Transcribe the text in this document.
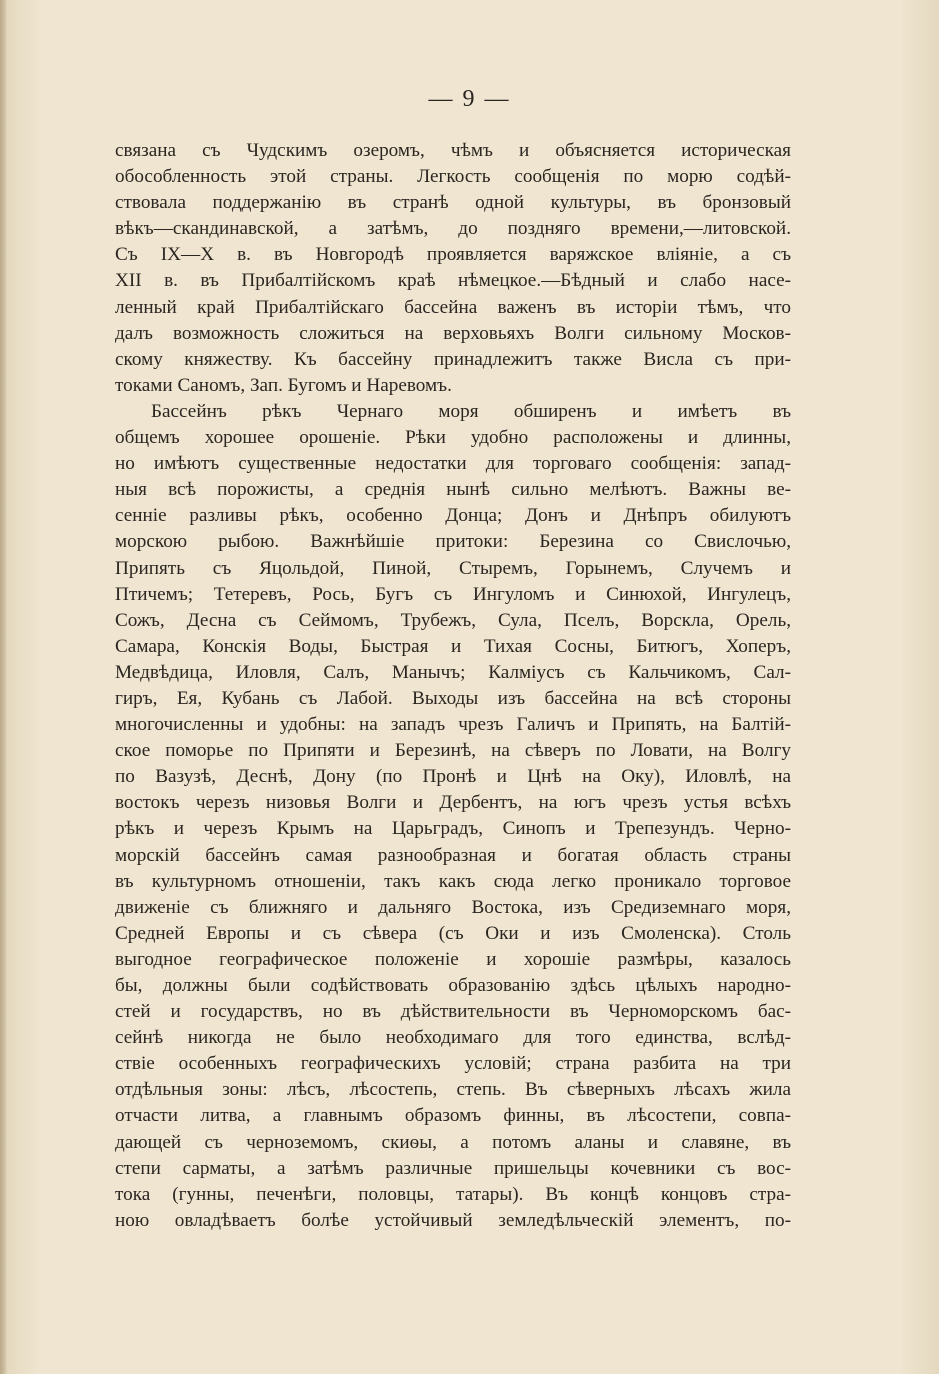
— 9 —
связана съ Чудскимъ озеромъ, чѣмъ и объясняется историческая
обособленность этой страны. Легкость сообщенія по морю содѣй-
ствовала поддержанію въ странѣ одной культуры, въ бронзовый
вѣкъ—скандинавской, а затѣмъ, до поздняго времени,—литовской.
Съ IX—X в. въ Новгородѣ проявляется варяжское вліяніе, а съ
XII в. въ Прибалтійскомъ краѣ нѣмецкое.—Бѣдный и слабо насе-
ленный край Прибалтійскаго бассейна важенъ въ исторіи тѣмъ, что
далъ возможность сложиться на верховьяхъ Волги сильному Москов-
скому княжеству. Къ бассейну принадлежитъ также Висла съ при-
токами Саномъ, Зап. Бугомъ и Наревомъ.
Бассейнъ рѣкъ Чернаго моря обширенъ и имѣетъ въ
общемъ хорошее орошеніе. Рѣки удобно расположены и длинны,
но имѣютъ существенные недостатки для торговаго сообщенія: запад-
ныя всѣ порожисты, а среднія нынѣ сильно мелѣютъ. Важны ве-
сенніе разливы рѣкъ, особенно Донца; Донъ и Днѣпръ обилуютъ
морскою рыбою. Важнѣйшіе притоки: Березина со Свислочью,
Припять съ Яцольдой, Пиной, Стыремъ, Горынемъ, Случемъ и
Птичемъ; Тетеревъ, Рось, Бугъ съ Ингуломъ и Синюхой, Ингулецъ,
Сожъ, Десна съ Сеймомъ, Трубежъ, Сула, Пселъ, Ворскла, Орель,
Самара, Конскія Воды, Быстрая и Тихая Сосны, Битюгъ, Хоперъ,
Медвѣдица, Иловля, Салъ, Манычъ; Калміусъ съ Кальчикомъ, Сал-
гиръ, Ея, Кубань съ Лабой. Выходы изъ бассейна на всѣ стороны
многочисленны и удобны: на западъ чрезъ Галичъ и Припять, на Балтій-
ское поморье по Припяти и Березинѣ, на сѣверъ по Ловати, на Волгу
по Вазузѣ, Деснѣ, Дону (по Пронѣ и Цнѣ на Оку), Иловлѣ, на
востокъ черезъ низовья Волги и Дербентъ, на югъ чрезъ устья всѣхъ
рѣкъ и черезъ Крымъ на Царьградъ, Синопъ и Трепезундъ. Черно-
морскій бассейнъ самая разнообразная и богатая область страны
въ культурномъ отношеніи, такъ какъ сюда легко проникало торговое
движеніе съ ближняго и дальняго Востока, изъ Средиземнаго моря,
Средней Европы и съ сѣвера (съ Оки и изъ Смоленска). Столь
выгодное географическое положеніе и хорошіе размѣры, казалось
бы, должны были содѣйствовать образованію здѣсь цѣлыхъ народно-
стей и государствъ, но въ дѣйствительности въ Черноморскомъ бас-
сейнѣ никогда не было необходимаго для того единства, вслѣд-
ствіе особенныхъ географическихъ условій; страна разбита на три
отдѣльныя зоны: лѣсъ, лѣсостепь, степь. Въ сѣверныхъ лѣсахъ жила
отчасти литва, а главнымъ образомъ финны, въ лѣсостепи, совпа-
дающей съ черноземомъ, скиѳы, а потомъ аланы и славяне, въ
степи сарматы, а затѣмъ различные пришельцы кочевники съ вос-
тока (гунны, печенѣги, половцы, татары). Въ концѣ концовъ стра-
ною овладѣваетъ болѣе устойчивый земледѣльческій элементъ, по-
